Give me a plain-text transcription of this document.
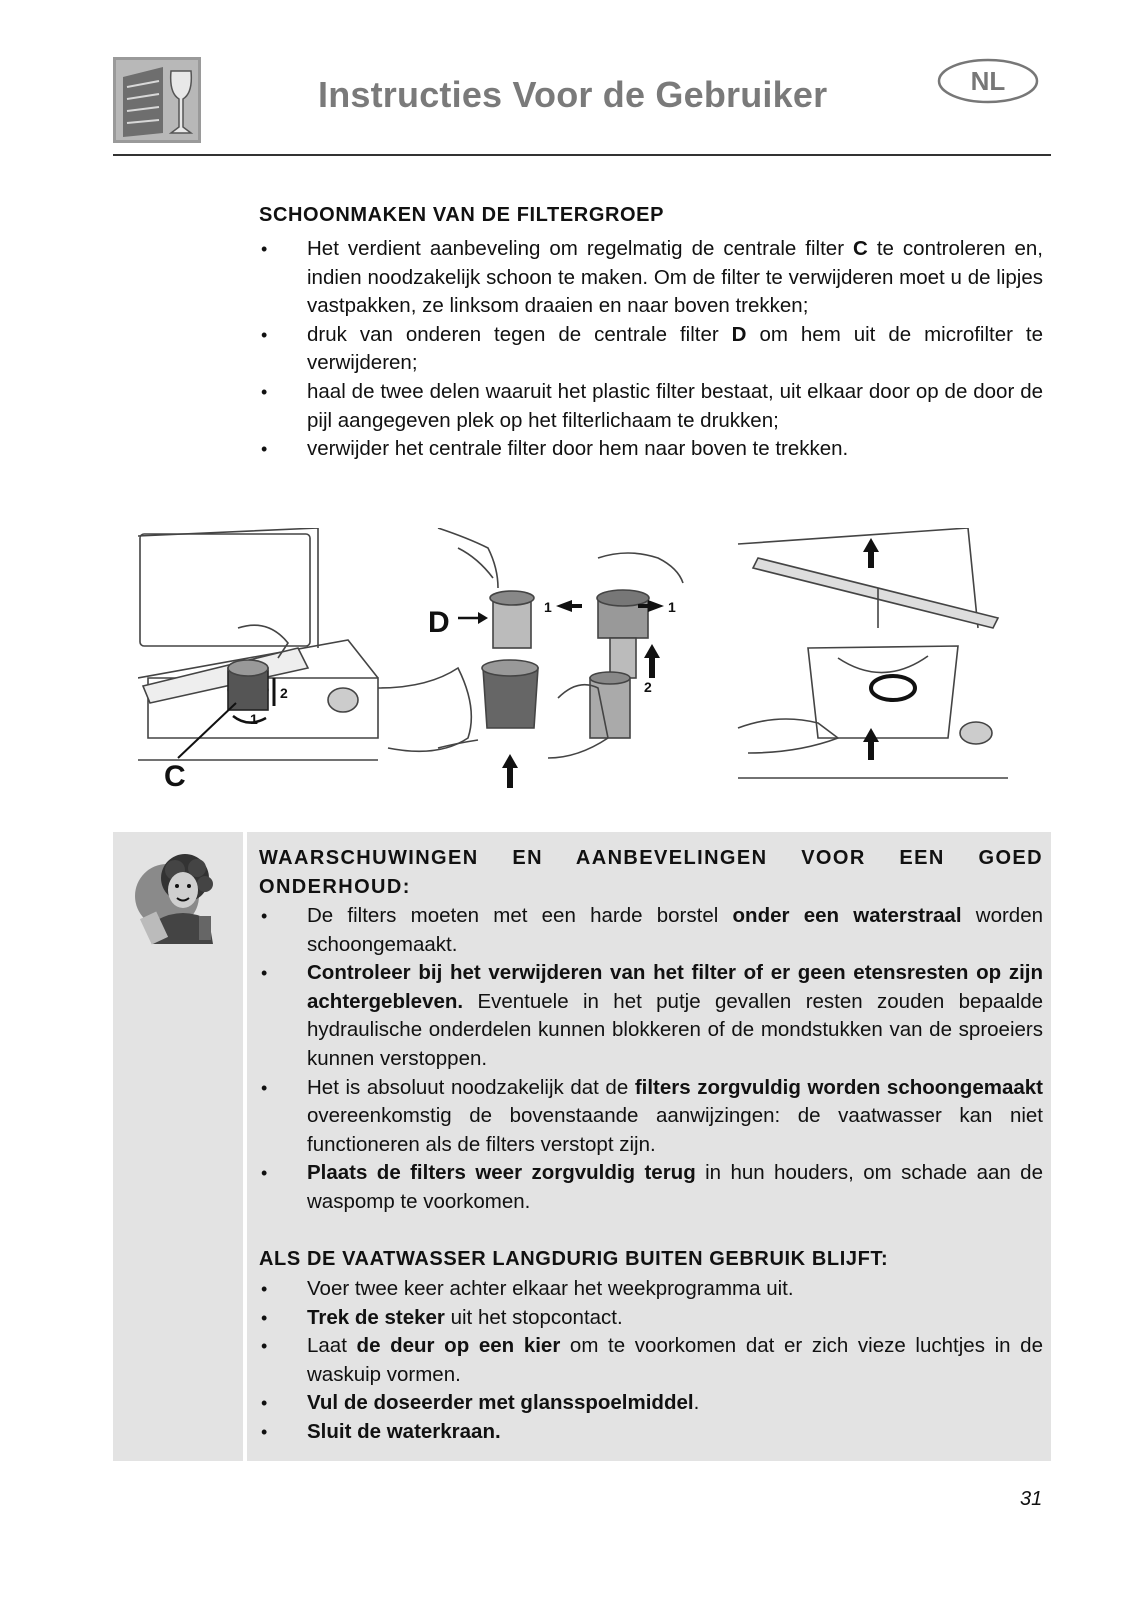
Instructies Voor de Gebruiker	NL
SCHOONMAKEN VAN DE FILTERGROEP
• Het verdient aanbeveling om regelmatig de centrale filter C te controleren en, indien noodzakelijk schoon te maken. Om de filter te verwijderen moet u de lipjes vastpakken, ze linksom draaien en naar boven trekken;
• druk van onderen tegen de centrale filter D om hem uit de microfilter te verwijderen;
• haal de twee delen waaruit het plastic filter bestaat, uit elkaar door op de door de pijl aangegeven plek op het filterlichaam te drukken;
• verwijder het centrale filter door hem naar boven te trekken.
C
D
1
2
1	1
2
WAARSCHUWINGEN EN AANBEVELINGEN VOOR EEN GOED ONDERHOUD:
• De filters moeten met een harde borstel onder een waterstraal worden schoongemaakt.
• Controleer bij het verwijderen van het filter of er geen etensresten op zijn achtergebleven. Eventuele in het putje gevallen resten zouden bepaalde hydraulische onderdelen kunnen blokkeren of de mondstukken van de sproeiers kunnen verstoppen.
• Het is absoluut noodzakelijk dat de filters zorgvuldig worden schoongemaakt overeenkomstig de bovenstaande aanwijzingen: de vaatwasser kan niet functioneren als de filters verstopt zijn.
• Plaats de filters weer zorgvuldig terug in hun houders, om schade aan de waspomp te voorkomen.
ALS DE VAATWASSER LANGDURIG BUITEN GEBRUIK BLIJFT:
• Voer twee keer achter elkaar het weekprogramma uit.
• Trek de steker uit het stopcontact.
• Laat de deur op een kier om te voorkomen dat er zich vieze luchtjes in de waskuip vormen.
• Vul de doseerder met glansspoelmiddel.
• Sluit de waterkraan.
31
